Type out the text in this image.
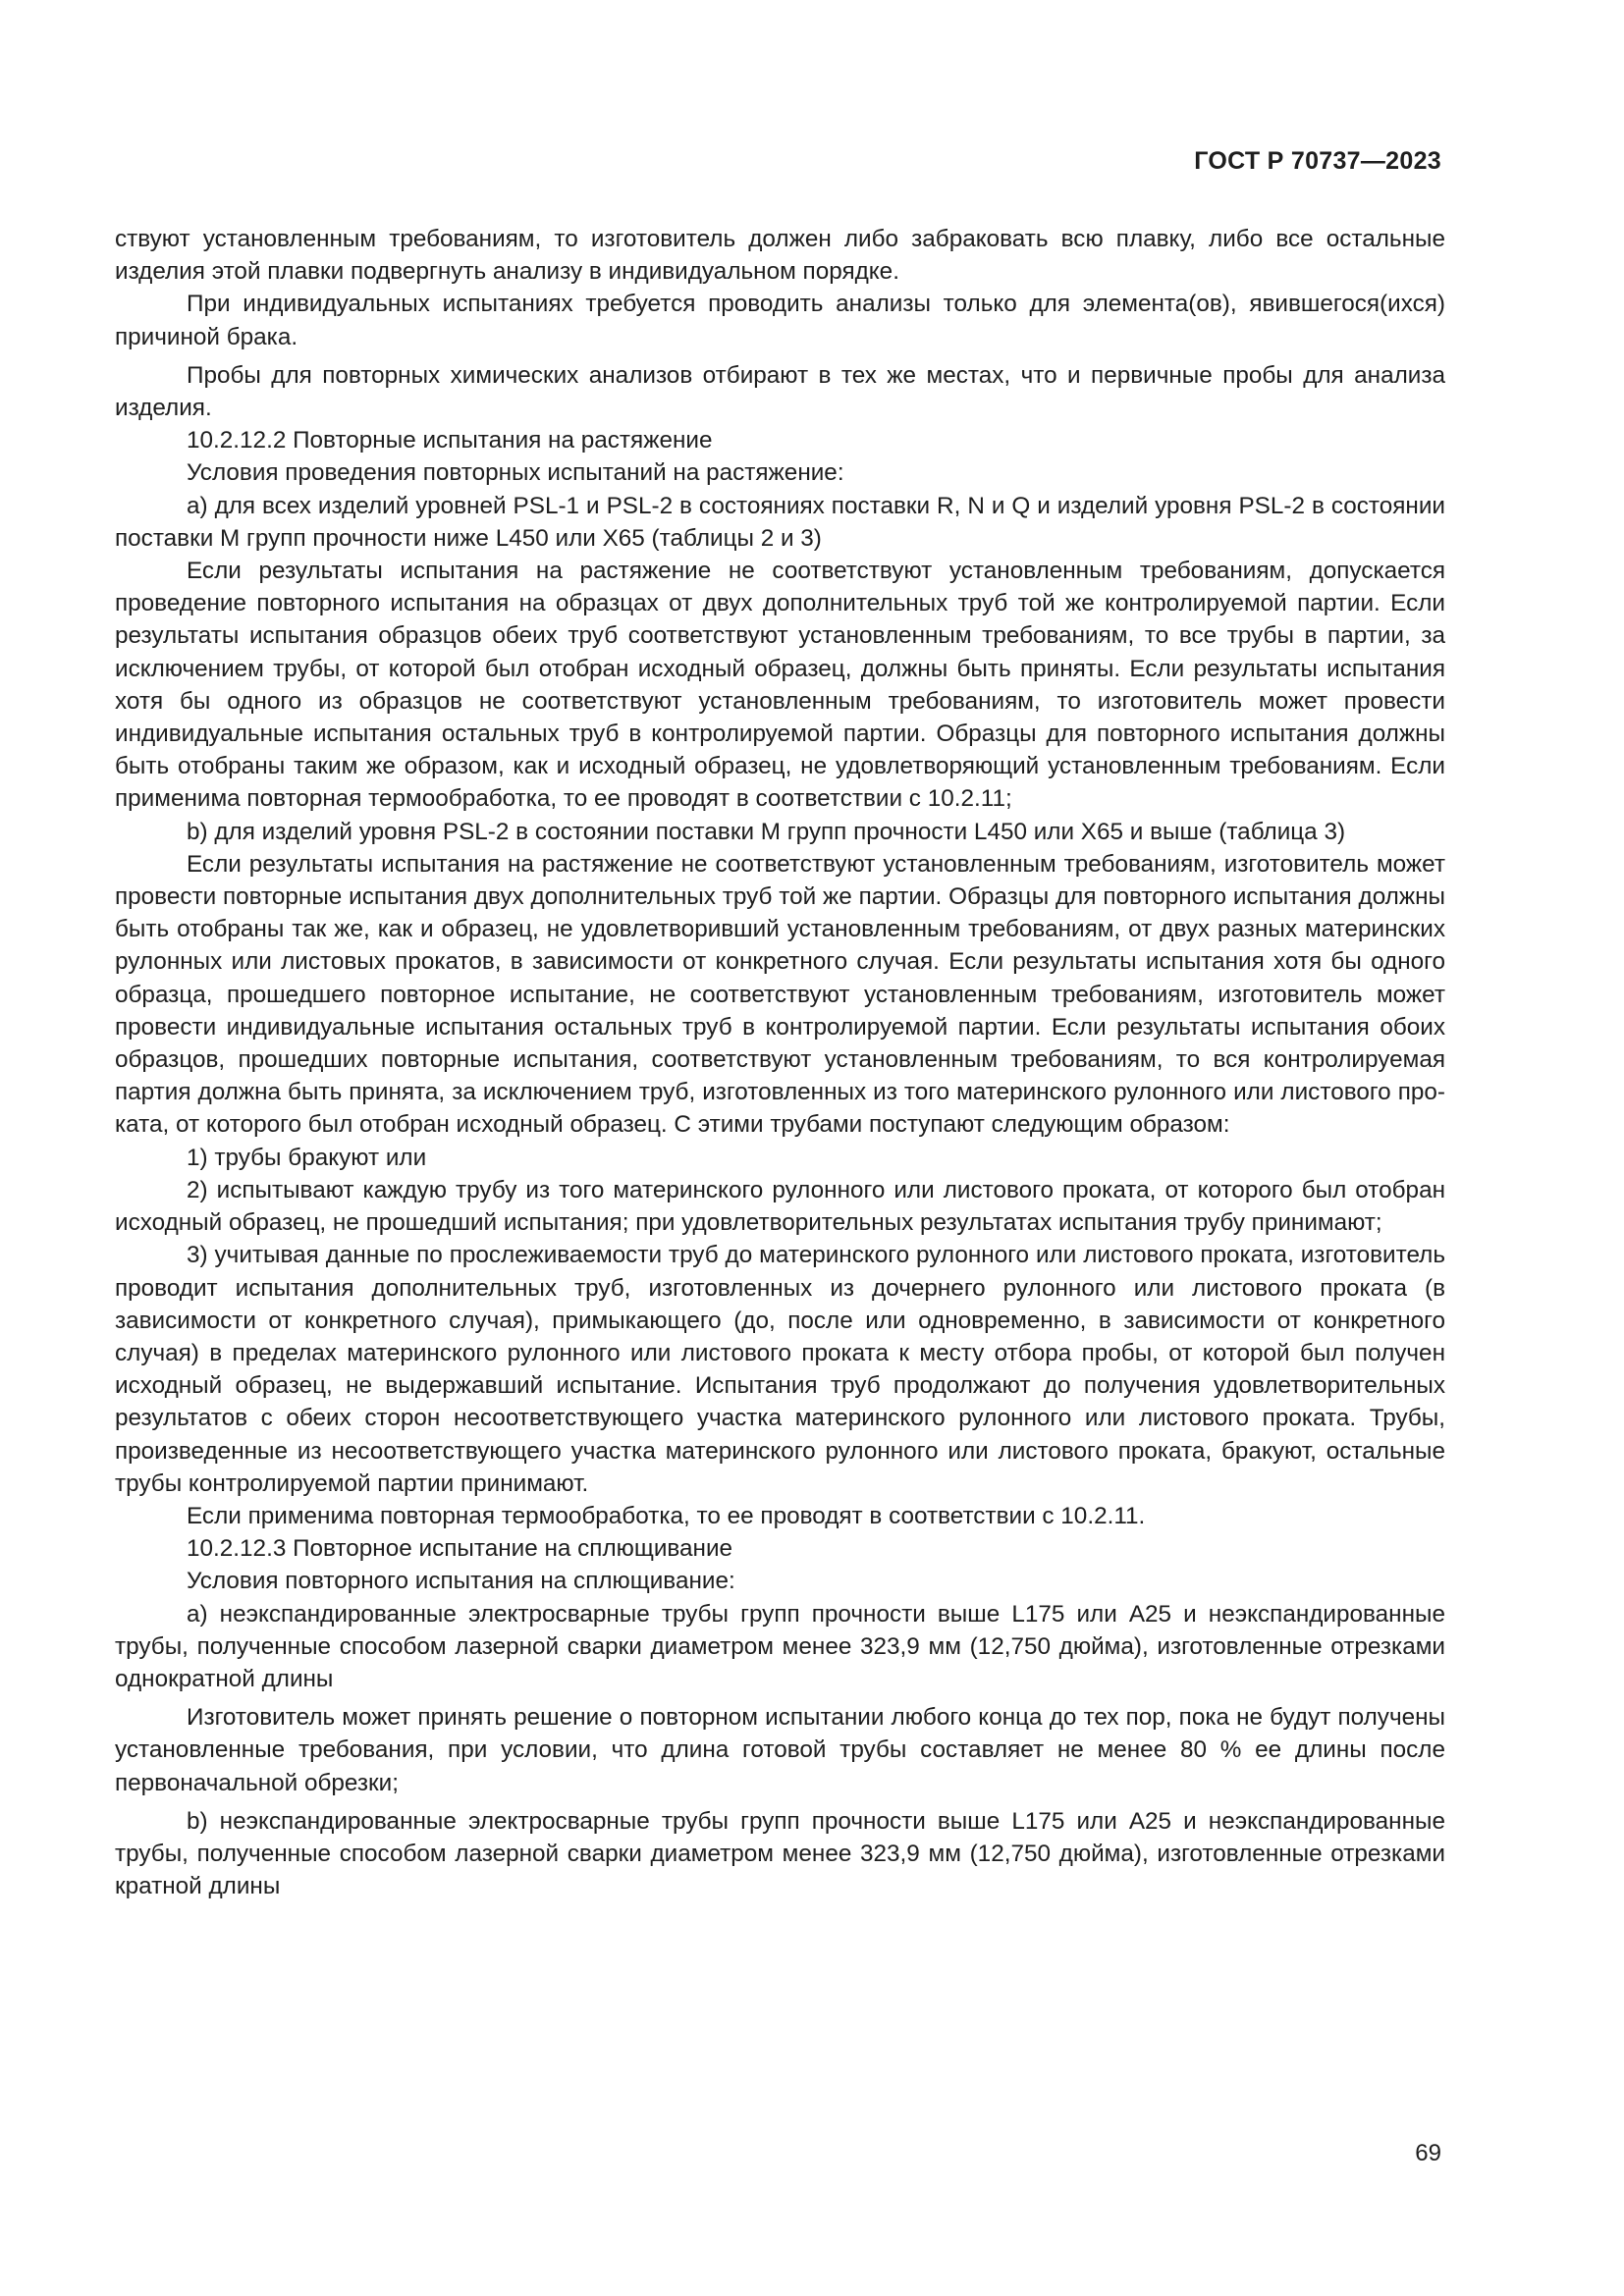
ГОСТ Р 70737—2023

ствуют установленным требованиям, то изготовитель должен либо забраковать всю плавку, либо все остальные изделия этой плавки подвергнуть анализу в индивидуальном порядке.

При индивидуальных испытаниях требуется проводить анализы только для элемента(ов), явившегося(ихся) причиной брака.

Пробы для повторных химических анализов отбирают в тех же местах, что и первичные пробы для анализа изделия.

10.2.12.2 Повторные испытания на растяжение

Условия проведения повторных испытаний на растяжение:

а) для всех изделий уровней PSL-1 и PSL-2 в состояниях поставки R, N и Q и изделий уровня PSL-2 в состоянии поставки М групп прочности ниже L450 или Х65 (таблицы 2 и 3)

Если результаты испытания на растяжение не соответствуют установленным требованиям, допускается проведение повторного испытания на образцах от двух дополнительных труб той же контролируемой партии. Если результаты испытания образцов обеих труб соответствуют установленным требованиям, то все трубы в партии, за исключением трубы, от которой был отобран исходный образец, должны быть приняты. Если результаты испытания хотя бы одного из образцов не соответствуют установленным требованиям, то изготовитель может провести индивидуальные испытания остальных труб в контролируемой партии. Образцы для повторного испытания должны быть отобраны таким же образом, как и исходный образец, не удовлетворяющий установленным требованиям. Если применима повторная термообработка, то ее проводят в соответствии с 10.2.11;

b) для изделий уровня PSL-2 в состоянии поставки М групп прочности L450 или Х65 и выше (таблица 3)

Если результаты испытания на растяжение не соответствуют установленным требованиям, изготовитель может провести повторные испытания двух дополнительных труб той же партии. Образцы для повторного испытания должны быть отобраны так же, как и образец, не удовлетворивший установленным требованиям, от двух разных материнских рулонных или листовых прокатов, в зависимости от конкретного случая. Если результаты испытания хотя бы одного образца, прошедшего повторное испытание, не соответствуют установленным требованиям, изготовитель может провести индивидуальные испытания остальных труб в контролируемой партии. Если результаты испытания обоих образцов, прошедших повторные испытания, соответствуют установленным требованиям, то вся контролируемая партия должна быть принята, за исключением труб, изготовленных из того материнского рулонного или листового проката, от которого был отобран исходный образец. С этими трубами поступают следующим образом:

1) трубы бракуют или

2) испытывают каждую трубу из того материнского рулонного или листового проката, от которого был отобран исходный образец, не прошедший испытания; при удовлетворительных результатах испытания трубу принимают;

3) учитывая данные по прослеживаемости труб до материнского рулонного или листового проката, изготовитель проводит испытания дополнительных труб, изготовленных из дочернего рулонного или листового проката (в зависимости от конкретного случая), примыкающего (до, после или одновременно, в зависимости от конкретного случая) в пределах материнского рулонного или листового проката к месту отбора пробы, от которой был получен исходный образец, не выдержавший испытание. Испытания труб продолжают до получения удовлетворительных результатов с обеих сторон несоответствующего участка материнского рулонного или листового проката. Трубы, произведенные из несоответствующего участка материнского рулонного или листового проката, бракуют, остальные трубы контролируемой партии принимают.

Если применима повторная термообработка, то ее проводят в соответствии с 10.2.11.

10.2.12.3 Повторное испытание на сплющивание

Условия повторного испытания на сплющивание:

а) неэкспандированные электросварные трубы групп прочности выше L175 или А25 и неэкспандированные трубы, полученные способом лазерной сварки диаметром менее 323,9 мм (12,750 дюйма), изготовленные отрезками однократной длины

Изготовитель может принять решение о повторном испытании любого конца до тех пор, пока не будут получены установленные требования, при условии, что длина готовой трубы составляет не менее 80 % ее длины после первоначальной обрезки;

b) неэкспандированные электросварные трубы групп прочности выше L175 или А25 и неэкспандированные трубы, полученные способом лазерной сварки диаметром менее 323,9 мм (12,750 дюйма), изготовленные отрезками кратной длины

69
